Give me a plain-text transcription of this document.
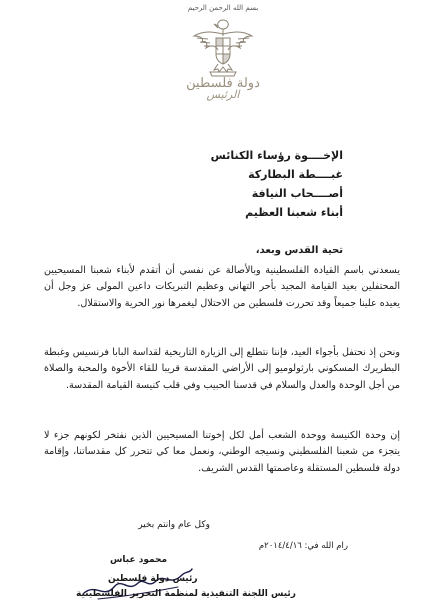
بسم الله الرحمن الرحيم
دولة فلسطين
الرئيس
الإخــــوة رؤساء الكنائس
غبــــطة البطاركة
أصــــحاب النيافة
أبناء شعبنا العظيم
تحية القدس وبعد،
يسعدني باسم القيادة الفلسطينية وبالأصالة عن نفسي أن أتقدم لأبناء شعبنا المسيحيين المحتفلين بعيد القيامة المجيد بأحر التهاني وعظيم التبريكات داعين المولى عز وجل أن يعيده علينا جميعاً وقد تحررت فلسطين من الاحتلال ليغمرها نور الحرية والاستقلال.
ونحن إذ نحتفل بأجواء العيد، فإننا نتطلع إلى الزيارة التاريخية لقداسة البابا فرنسيس وغبطة البطريرك المسكوني بارثولوميو إلى الأراضي المقدسة قريبا للقاء الأخوة والمحبة والصلاة من أجل الوحدة والعدل والسلام في قدسنا الحبيب وفي قلب كنيسة القيامة المقدسة.
إن وحدة الكنيسة ووحدة الشعب أمل لكل إخوتنا المسيحيين الذين نفتخر لكونهم جزء لا يتجزء من شعبنا الفلسطيني ونسيجه الوطني، ونعمل معا كي تتحرر كل مقدساتنا، وإقامة دولة فلسطين المستقلة وعاصمتها القدس الشريف.
وكل عام وانتم بخير
رام الله في: ٢٠١٤/٤/١٦م
محمود عباس
رئيس دولة فلسطين
رئيس اللجنة التنفيذية لمنظمة التحرير الفلسطينية
